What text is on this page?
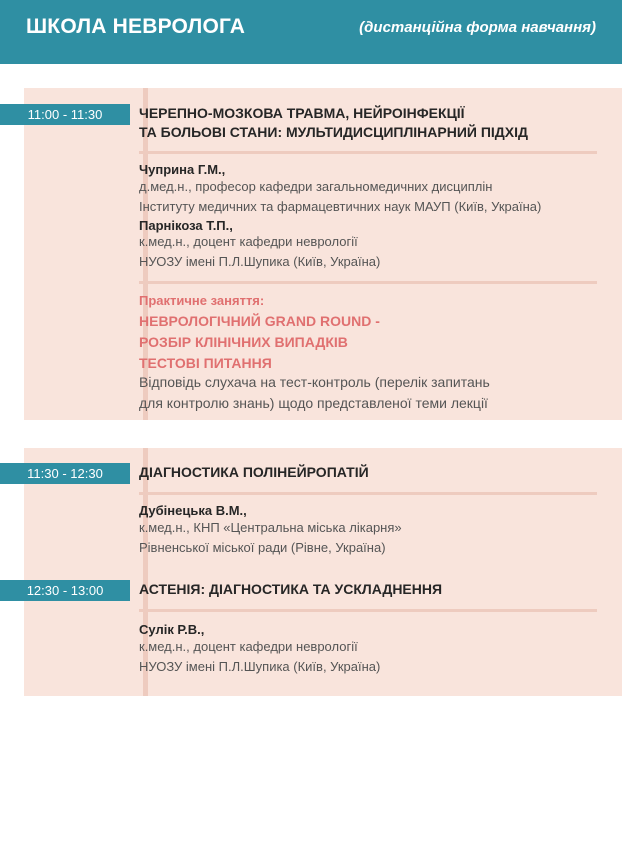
ШКОЛА НЕВРОЛОГА	(дистанційна форма навчання)
11:00 - 11:30	ЧЕРЕПНО-МОЗКОВА ТРАВМА, НЕЙРОІНФЕКЦІЇ
ТА БОЛЬОВІ СТАНИ: МУЛЬТИДИСЦИПЛІНАРНИЙ ПІДХІД
Чуприна Г.М.,
д.мед.н., професор кафедри загальномедичних дисциплін
Інституту медичних та фармацевтичних наук МАУП (Київ, Україна)
Парнікоза Т.П.,
к.мед.н., доцент кафедри неврології
НУОЗУ імені П.Л.Шупика (Київ, Україна)
Практичне заняття:
НЕВРОЛОГІЧНИЙ GRAND ROUND -
РОЗБІР КЛІНІЧНИХ ВИПАДКІВ
ТЕСТОВІ ПИТАННЯ
Відповідь слухача на тест-контроль (перелік запитань
для контролю знань) щодо представленої теми лекції
11:30 - 12:30	ДІАГНОСТИКА ПОЛІНЕЙРОПАТІЙ
Дубінецька В.М.,
к.мед.н., КНП «Центральна міська лікарня»
Рівненської міської ради (Рівне, Україна)
12:30 - 13:00	АСТЕНІЯ: ДІАГНОСТИКА ТА УСКЛАДНЕННЯ
Сулік Р.В.,
к.мед.н., доцент кафедри неврології
НУОЗУ імені П.Л.Шупика (Київ, Україна)
